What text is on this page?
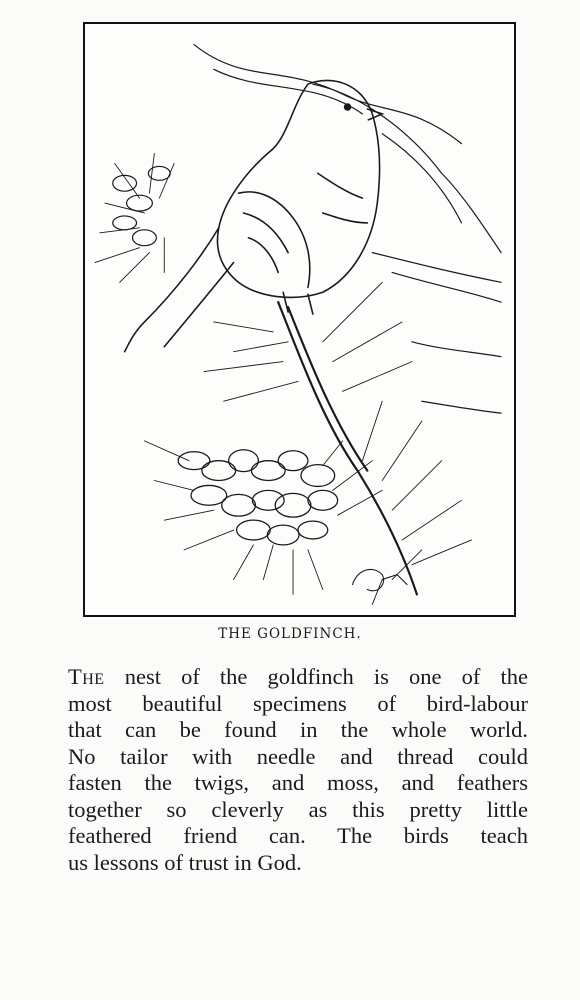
THE GOLDFINCH.

The nest of the goldfinch is one of the
most beautiful specimens of bird-labour
that can be found in the whole world.
No tailor with needle and thread could
fasten the twigs, and moss, and feathers
together so cleverly as this pretty little
feathered friend can. The birds teach
us lessons of trust in God.
